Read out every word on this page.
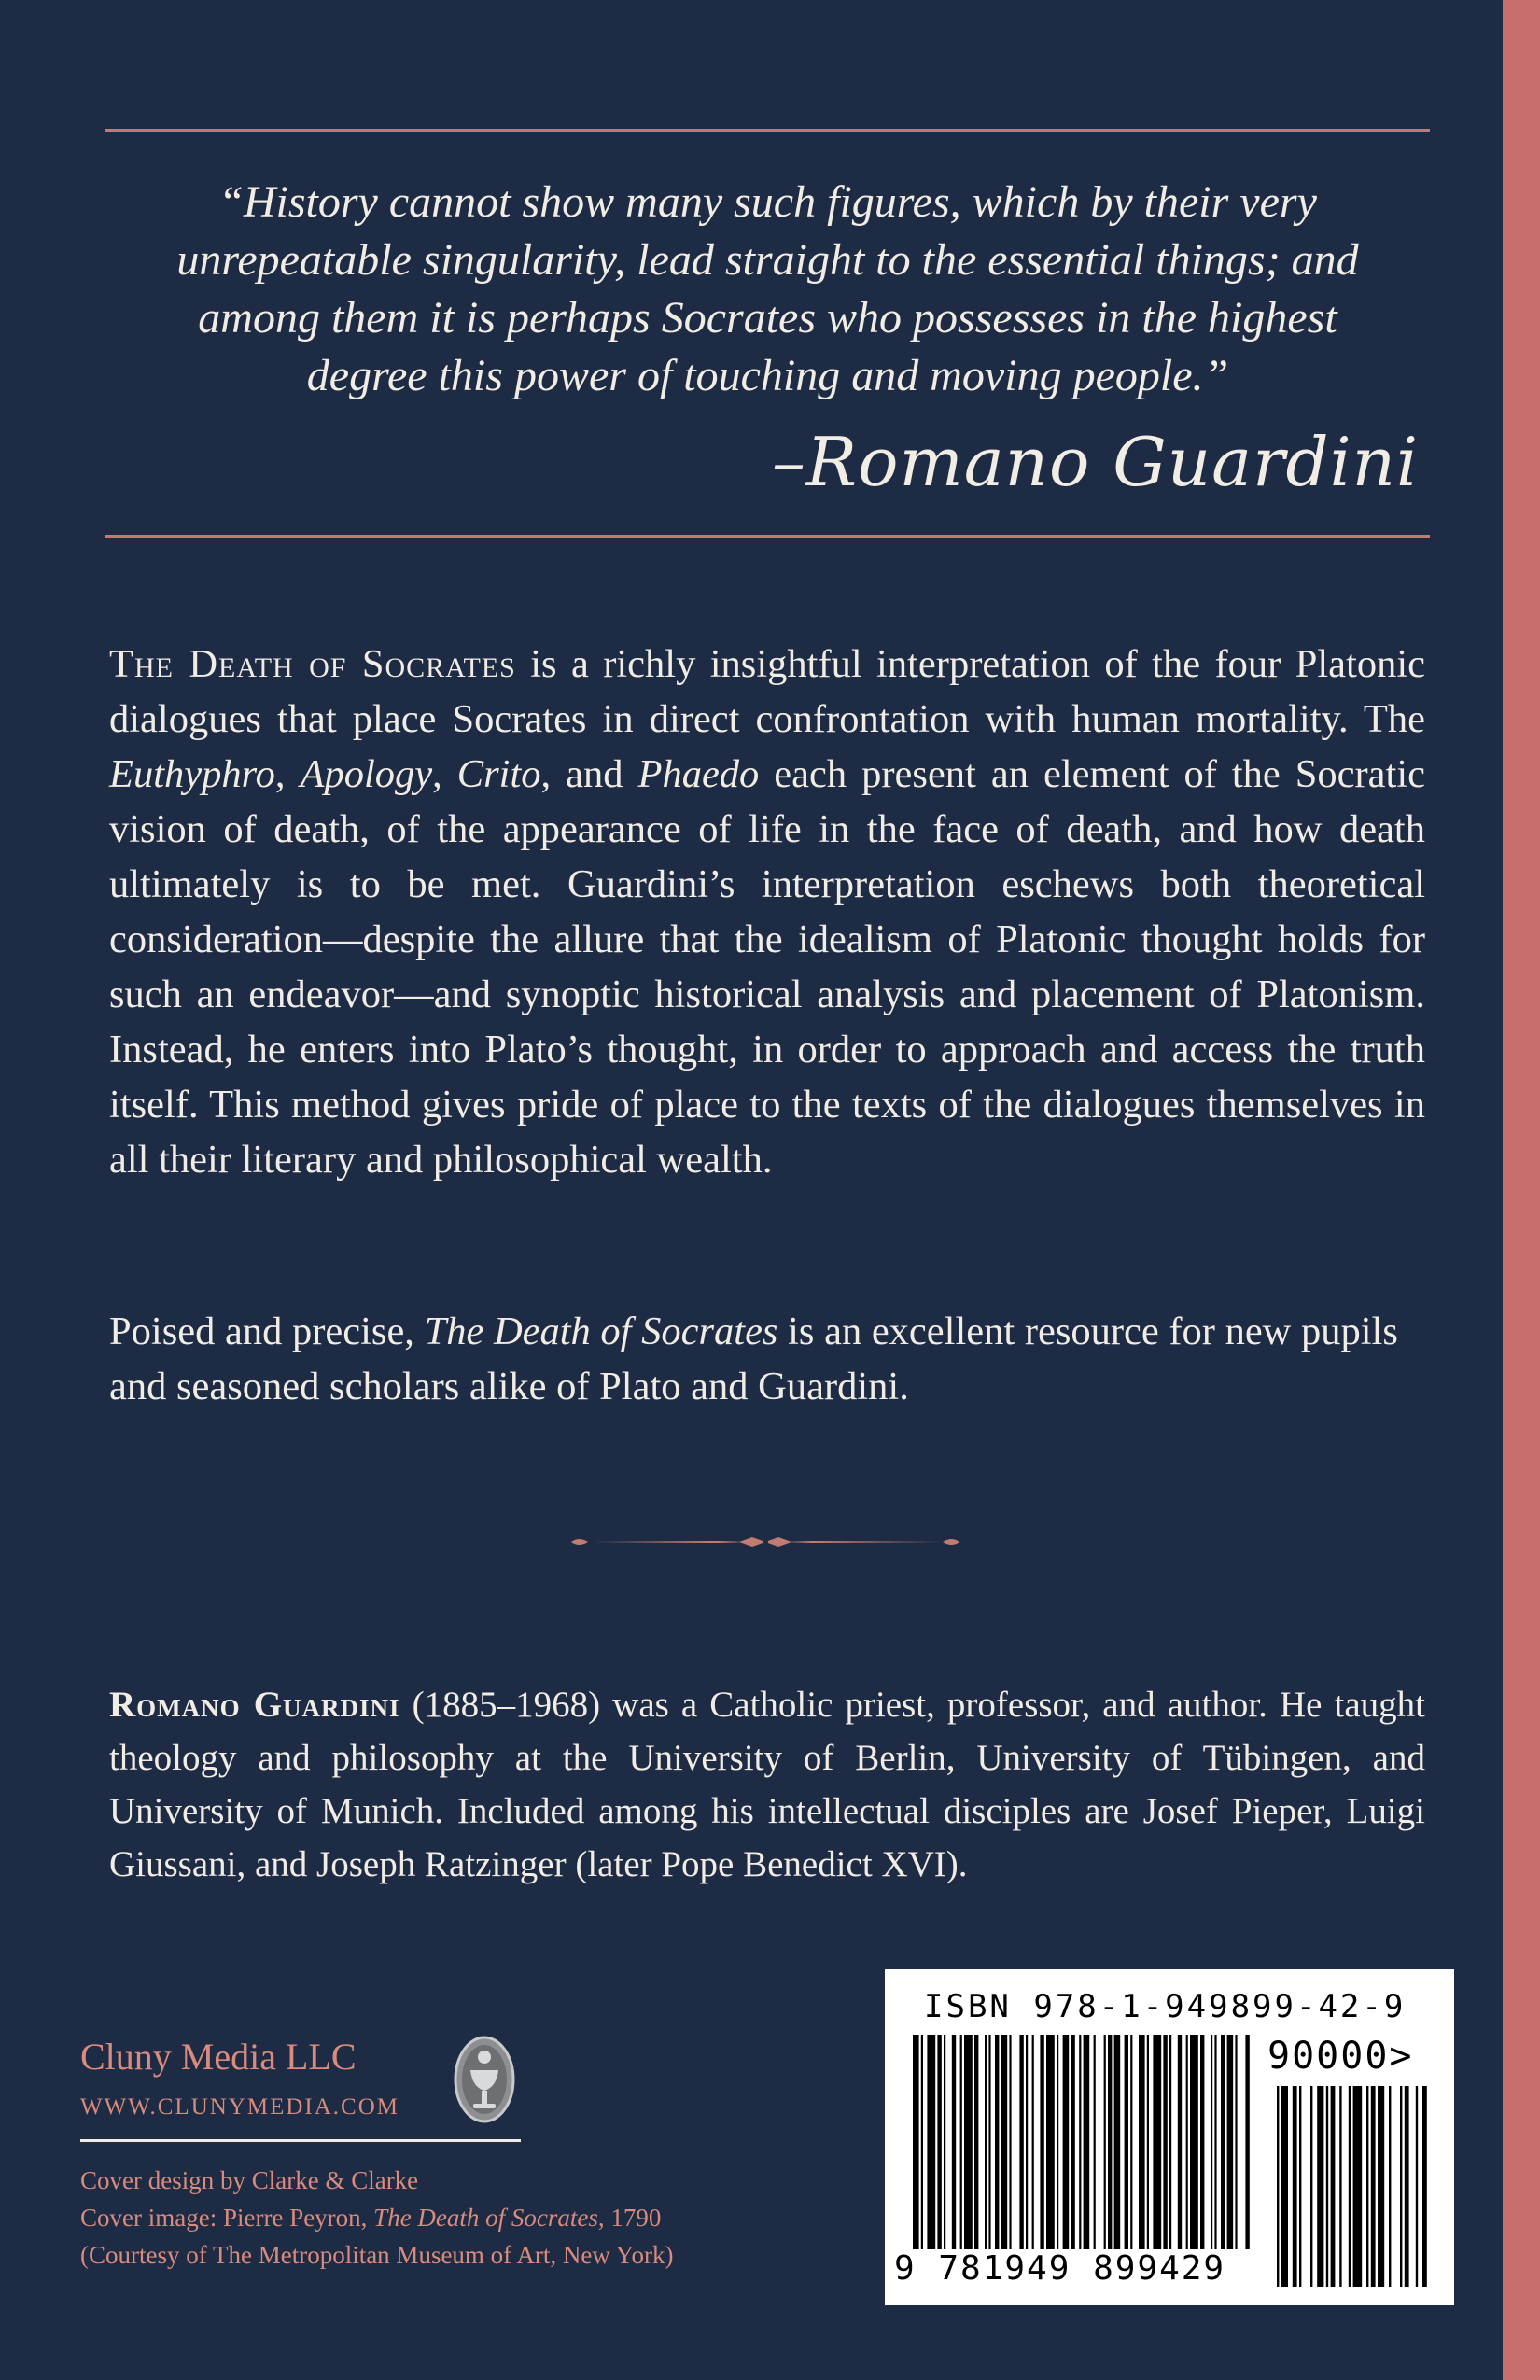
“History cannot show many such figures, which by their very unrepeatable singularity, lead straight to the essential things; and among them it is perhaps Socrates who possesses in the highest degree this power of touching and moving people.”
–Romano Guardini
The Death of Socrates is a richly insightful interpretation of the four Platonic dialogues that place Socrates in direct confrontation with human mortality. The Euthyphro, Apology, Crito, and Phaedo each present an element of the Socratic vision of death, of the appearance of life in the face of death, and how death ultimately is to be met. Guardini’s interpretation eschews both theoretical consideration—despite the allure that the idealism of Platonic thought holds for such an endeavor—and synoptic historical analysis and placement of Platonism. Instead, he enters into Plato’s thought, in order to approach and access the truth itself. This method gives pride of place to the texts of the dialogues themselves in all their literary and philosophical wealth.
Poised and precise, The Death of Socrates is an excellent resource for new pupils and seasoned scholars alike of Plato and Guardini.
Romano Guardini (1885–1968) was a Catholic priest, professor, and author. He taught theology and philosophy at the University of Berlin, University of Tübingen, and University of Munich. Included among his intellectual disciples are Josef Pieper, Luigi Giussani, and Joseph Ratzinger (later Pope Benedict XVI).
Cluny Media LLC
WWW.CLUNYMEDIA.COM
Cover design by Clarke & Clarke
Cover image: Pierre Peyron, The Death of Socrates, 1790
(Courtesy of The Metropolitan Museum of Art, New York)
ISBN 978-1-949899-42-9
90000>
9 781949 899429
